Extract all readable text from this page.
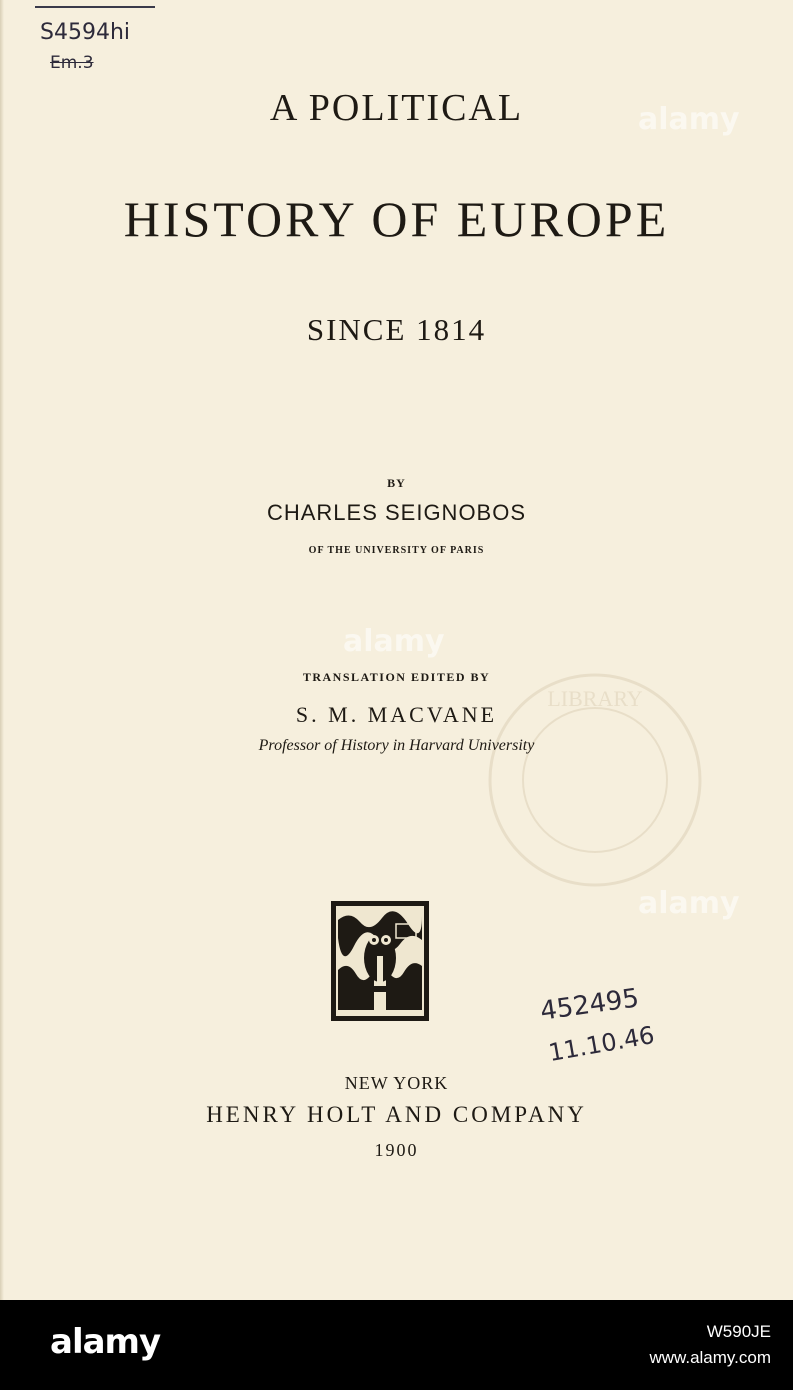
S4594hi
Em.3
LIBRARY
A POLITICAL
HISTORY OF EUROPE
SINCE 1814
BY
CHARLES SEIGNOBOS
OF THE UNIVERSITY OF PARIS
TRANSLATION EDITED BY
S. M. MACVANE
Professor of History in Harvard University
452495
11.10.46
NEW YORK
HENRY HOLT AND COMPANY
1900
alamy
alamy
alamy
alamy	W590JE
www.alamy.com
